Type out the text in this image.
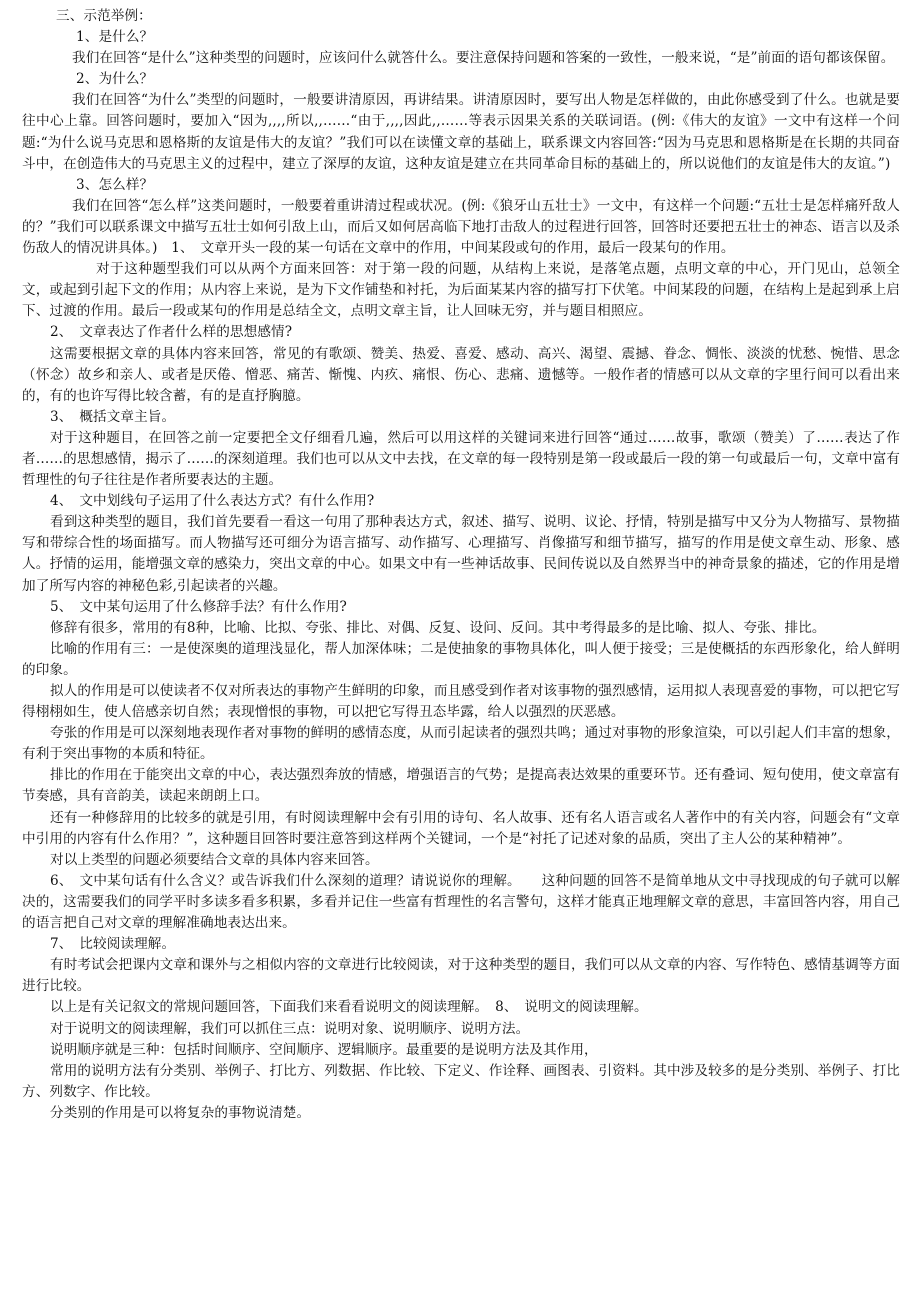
三、示范举例：

1、是什么？

我们在回答“是什么”这种类型的问题时，应该问什么就答什么。要注意保持问题和答案的一致性，一般来说，“是”前面的语句都该保留。

2、为什么？

我们在回答“为什么”类型的问题时，一般要讲清原因，再讲结果。讲清原因时，要写出人物是怎样做的，由此你感受到了什么。也就是要往中心上靠。回答问题时，要加入“因为,,,,所以,,……“由于,,,,因此,,……等表示因果关系的关联词语。(例:《伟大的友谊》一文中有这样一个问题:“为什么说马克思和恩格斯的友谊是伟大的友谊？”我们可以在读懂文章的基础上，联系课文内容回答:“因为马克思和恩格斯是在长期的共同奋斗中，在创造伟大的马克思主义的过程中，建立了深厚的友谊，这种友谊是建立在共同革命目标的基础上的，所以说他们的友谊是伟大的友谊。”)

3、怎么样？

我们在回答“怎么样”这类问题时，一般要着重讲清过程或状况。(例:《狼牙山五壮士》一文中，有这样一个问题:“五壮士是怎样痛歼敌人的？”我们可以联系课文中描写五壮士如何引敌上山，而后又如何居高临下地打击敌人的过程进行回答，回答时还要把五壮士的神态、语言以及杀伤敌人的情况讲具体。)　1、　文章开头一段的某一句话在文章中的作用，中间某段或句的作用，最后一段某句的作用。

对于这种题型我们可以从两个方面来回答：对于第一段的问题，从结构上来说，是落笔点题，点明文章的中心，开门见山，总领全文，或起到引起下文的作用；从内容上来说，是为下文作铺垫和衬托，为后面某某内容的描写打下伏笔。中间某段的问题，在结构上是起到承上启下、过渡的作用。最后一段或某句的作用是总结全文，点明文章主旨，让人回味无穷，并与题目相照应。

2、　文章表达了作者什么样的思想感情?

这需要根据文章的具体内容来回答，常见的有歌颂、赞美、热爱、喜爱、感动、高兴、渴望、震撼、眷念、惆怅、淡淡的忧愁、惋惜、思念（怀念）故乡和亲人、或者是厌倦、憎恶、痛苦、惭愧、内疚、痛恨、伤心、悲痛、遗憾等。一般作者的情感可以从文章的字里行间可以看出来的，有的也许写得比较含蓄，有的是直抒胸臆。

3、　概括文章主旨。

对于这种题目，在回答之前一定要把全文仔细看几遍，然后可以用这样的关键词来进行回答“通过……故事，歌颂（赞美）了……表达了作者……的思想感情，揭示了……的深刻道理。我们也可以从文中去找，在文章的每一段特别是第一段或最后一段的第一句或最后一句，文章中富有哲理性的句子往往是作者所要表达的主题。

4、　文中划线句子运用了什么表达方式？有什么作用?

看到这种类型的题目，我们首先要看一看这一句用了那种表达方式，叙述、描写、说明、议论、抒情，特别是描写中又分为人物描写、景物描写和带综合性的场面描写。而人物描写还可细分为语言描写、动作描写、心理描写、肖像描写和细节描写，描写的作用是使文章生动、形象、感人。抒情的运用，能增强文章的感染力，突出文章的中心。如果文中有一些神话故事、民间传说以及自然界当中的神奇景象的描述，它的作用是增加了所写内容的神秘色彩,引起读者的兴趣。

5、　文中某句运用了什么修辞手法？有什么作用?

修辞有很多，常用的有8种，比喻、比拟、夸张、排比、对偶、反复、设问、反问。其中考得最多的是比喻、拟人、夸张、排比。

比喻的作用有三：一是使深奥的道理浅显化，帮人加深体味；二是使抽象的事物具体化，叫人便于接受；三是使概括的东西形象化，给人鲜明的印象。

拟人的作用是可以使读者不仅对所表达的事物产生鲜明的印象，而且感受到作者对该事物的强烈感情，运用拟人表现喜爱的事物，可以把它写得栩栩如生，使人倍感亲切自然；表现憎恨的事物，可以把它写得丑态毕露，给人以强烈的厌恶感。

夸张的作用是可以深刻地表现作者对事物的鲜明的感情态度，从而引起读者的强烈共鸣；通过对事物的形象渲染，可以引起人们丰富的想象，有利于突出事物的本质和特征。

排比的作用在于能突出文章的中心，表达强烈奔放的情感，增强语言的气势；是提高表达效果的重要环节。还有叠词、短句使用，使文章富有节奏感，具有音韵美，读起来朗朗上口。

还有一种修辞用的比较多的就是引用，有时阅读理解中会有引用的诗句、名人故事、还有名人语言或名人著作中的有关内容，问题会有“文章中引用的内容有什么作用？”，这种题目回答时要注意答到这样两个关键词，一个是“衬托了记述对象的品质，突出了主人公的某种精神”。

对以上类型的问题必须要结合文章的具体内容来回答。

6、　文中某句话有什么含义？或告诉我们什么深刻的道理？请说说你的理解。　　这种问题的回答不是简单地从文中寻找现成的句子就可以解决的，这需要我们的同学平时多读多看多积累，多看并记住一些富有哲理性的名言警句，这样才能真正地理解文章的意思，丰富回答内容，用自己的语言把自己对文章的理解准确地表达出来。

7、　比较阅读理解。

有时考试会把课内文章和课外与之相似内容的文章进行比较阅读，对于这种类型的题目，我们可以从文章的内容、写作特色、感情基调等方面进行比较。

以上是有关记叙文的常规问题回答，下面我们来看看说明文的阅读理解。　8、　说明文的阅读理解。

对于说明文的阅读理解，我们可以抓住三点：说明对象、说明顺序、说明方法。

说明顺序就是三种：包括时间顺序、空间顺序、逻辑顺序。最重要的是说明方法及其作用，

常用的说明方法有分类别、举例子、打比方、列数据、作比较、下定义、作诠释、画图表、引资料。其中涉及较多的是分类别、举例子、打比方、列数字、作比较。

分类别的作用是可以将复杂的事物说清楚。
